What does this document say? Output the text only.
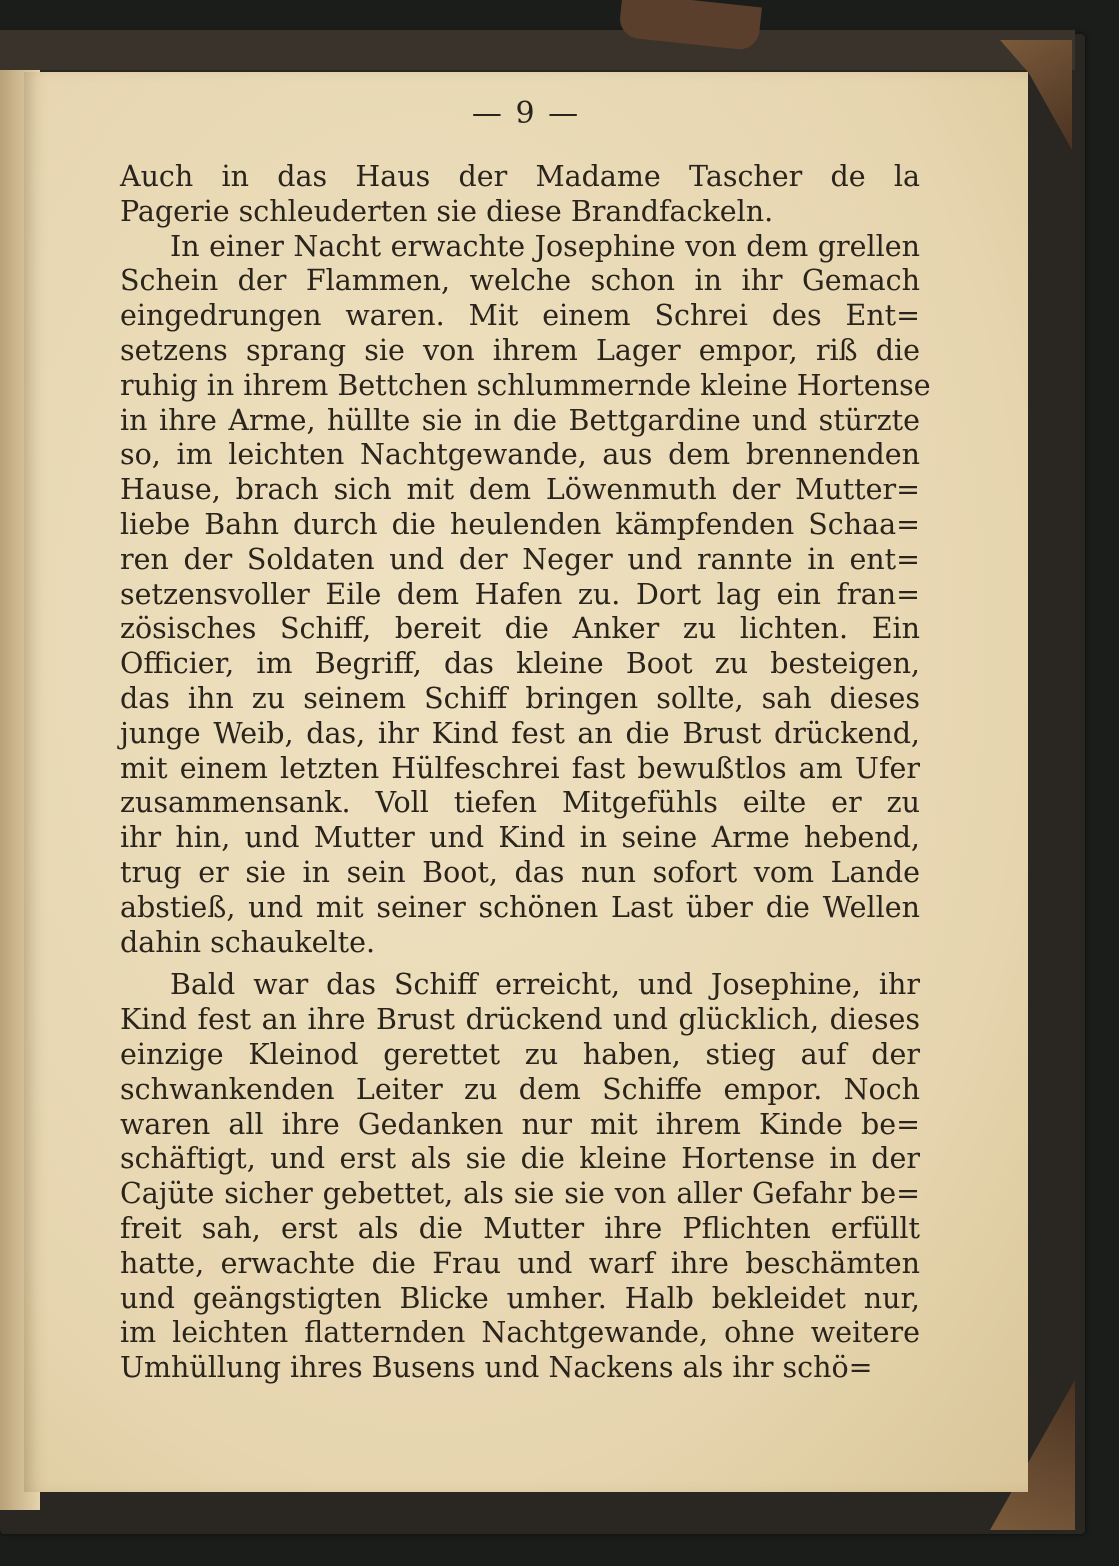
— 9 —
Auch in das Haus der Madame Tascher de la
Pagerie schleuderten sie diese Brandfackeln.
In einer Nacht erwachte Josephine von dem grellen
Schein der Flammen, welche schon in ihr Gemach
eingedrungen waren. Mit einem Schrei des Ent=
setzens sprang sie von ihrem Lager empor, riß die
ruhig in ihrem Bettchen schlummernde kleine Hortense
in ihre Arme, hüllte sie in die Bettgardine und stürzte
so, im leichten Nachtgewande, aus dem brennenden
Hause, brach sich mit dem Löwenmuth der Mutter=
liebe Bahn durch die heulenden kämpfenden Schaa=
ren der Soldaten und der Neger und rannte in ent=
setzensvoller Eile dem Hafen zu. Dort lag ein fran=
zösisches Schiff, bereit die Anker zu lichten. Ein
Officier, im Begriff, das kleine Boot zu besteigen,
das ihn zu seinem Schiff bringen sollte, sah dieses
junge Weib, das, ihr Kind fest an die Brust drückend,
mit einem letzten Hülfeschrei fast bewußtlos am Ufer
zusammensank. Voll tiefen Mitgefühls eilte er zu
ihr hin, und Mutter und Kind in seine Arme hebend,
trug er sie in sein Boot, das nun sofort vom Lande
abstieß, und mit seiner schönen Last über die Wellen
dahin schaukelte.
Bald war das Schiff erreicht, und Josephine, ihr
Kind fest an ihre Brust drückend und glücklich, dieses
einzige Kleinod gerettet zu haben, stieg auf der
schwankenden Leiter zu dem Schiffe empor. Noch
waren all ihre Gedanken nur mit ihrem Kinde be=
schäftigt, und erst als sie die kleine Hortense in der
Cajüte sicher gebettet, als sie sie von aller Gefahr be=
freit sah, erst als die Mutter ihre Pflichten erfüllt
hatte, erwachte die Frau und warf ihre beschämten
und geängstigten Blicke umher. Halb bekleidet nur,
im leichten flatternden Nachtgewande, ohne weitere
Umhüllung ihres Busens und Nackens als ihr schö=
